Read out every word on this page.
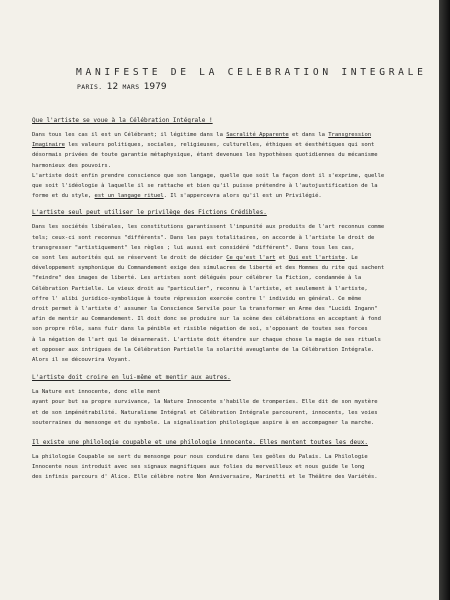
MANIFESTE DE LA CELEBRATION INTEGRALE
PARIS. 12 MARS 1979
Que l'artiste se voue à la Célébration Intégrale !
Dans tous les cas il est un Célébrant; il légitime dans la Sacralité Apparente et dans la Transgression
Imaginaire les valeurs politiques, sociales, religieuses, culturelles, éthiques et éesthétiques qui sont
désormais privées de toute garantie métaphysique, étant devenues les hypothèses quotidiennes du mécanisme
harmonieux des pouvoirs.
L'artiste doit enfin prendre conscience que son langage, quelle que soit la façon dont il s'exprime, quelle
que soit l'idéologie à laquelle il se rattache et bien qu'il puisse prétendre à l'autojustification de la
forme et du style, est un langage rituel. Il s'appercevra alors qu'il est un Privilégié.
L'artiste seul peut utiliser le privilège des Fictions Crédibles.
Dans les sociétés libérales, les constitutions garantissent l'impunité aux produits de l'art reconnus comme
tels; ceux-ci sont reconnus "différents". Dans les pays totalitaires, on accorde à l'artiste le droit de
transgresser "artistiquement" les règles ; lui aussi est considéré "différent". Dans tous les cas,
ce sont les autorités qui se réservent le droit de décider Ce qu'est l'art et Qui est l'artiste. Le
développement symphonique du Commandement exige des simulacres de liberté et des Hommes du rite qui sachent
"feindre" des images de liberté. Les artistes sont délégués pour célébrer la Fiction, condamnée à la
Célébration Partielle. Le vieux droit au "particulier", reconnu à l'artiste, et seulement à l'artiste,
offre l' alibi juridico-symbolique à toute répression exercée contre l' individu en général. Ce même
droit permet à l'artiste d' assumer la Conscience Servile pour la transformer en Arme des "Lucidi Ingann"
afin de mentir au Commandement. Il doit donc se produire sur la scène des célébrations en acceptant à fond
son propre rôle, sans fuir dans la pénible et risible négation de soi, s'opposant de toutes ses forces
à la négation de l'art qui le désarmerait. L'artiste doit étendre sur chaque chose la magie de ses rituels
et opposer aux intrigues de la Célébration Partielle la solarité aveuglante de la Célébration Intégrale.
Alors il se découvrira Voyant.
L'artiste doit croire en lui-même et mentir aux autres.
La Nature est innocente, donc elle ment
ayant pour but sa propre survivance, la Nature Innocente s'habille de tromperies. Elle dit de son mystère
et de son impénétrabilité. Naturalisme Intégral et Célébration Intégrale parcourent, innocents, les voies
souterraines du mensonge et du symbole. La signalisation philologique aspire à en accompagner la marche.
Il existe une philologie coupable et une philologie innocente. Elles mentent toutes les deux.
La philologie Coupable se sert du mensonge pour nous conduire dans les geôles du Palais. La Philologie
Innocente nous introduit avec ses signaux magnifiques aux folies du merveilleux et nous guide le long
des infinis parcours d' Alice. Elle célèbre notre Non Anniversaire, Marinetti et le Théâtre des Variétés.
